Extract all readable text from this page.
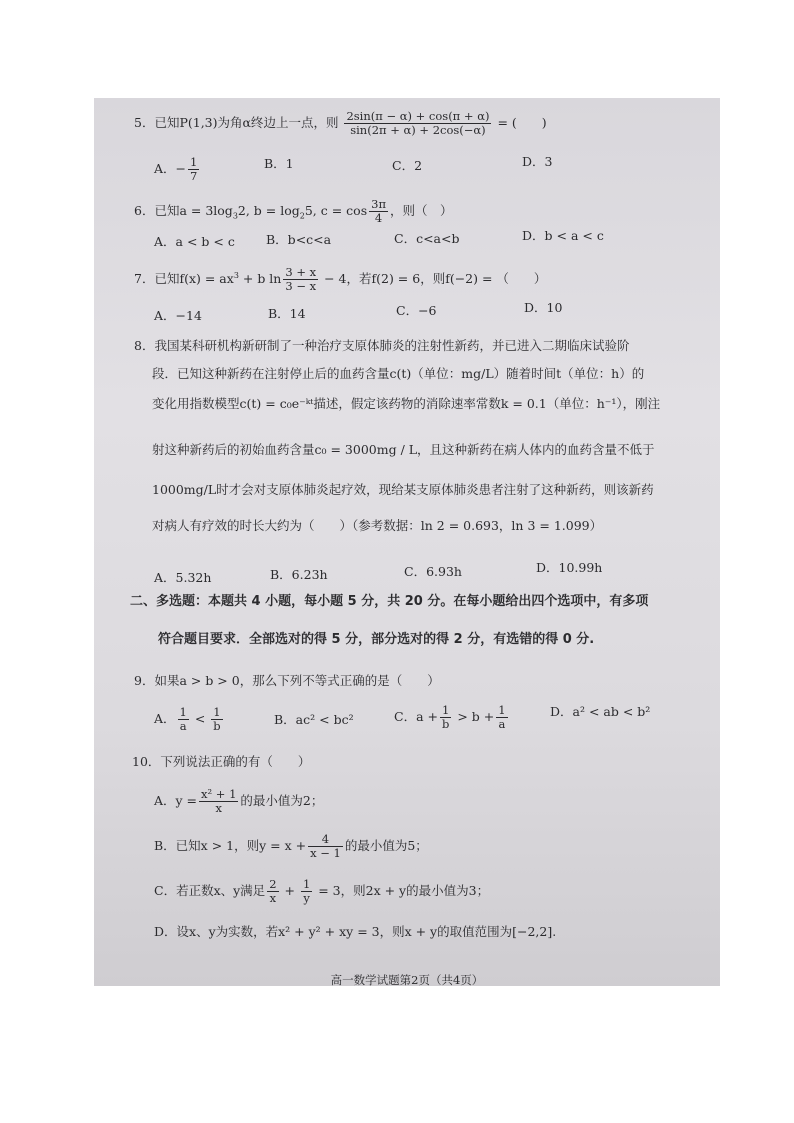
5．已知P(1,3)为角α终边上一点，则 $\frac{2\sin(\pi - \alpha) + \cos(\pi + \alpha)}{\sin(2\pi + \alpha) + 2\cos(-\alpha)}$ = (　　)
A．− $\frac{1}{7}$	B．1	C．2	D．3
6．已知$a = 3\log_32$, $b = \log_25$, $c = \cos \frac{3\pi}{4}$ ，则（　）
A．a < b < c B．b<c<a	C．c<a<b	D．b < a < c
7．已知$f(x) = ax^3 + b$ $\ln \frac{3 + x}{3 - x} - 4$，若f(2) = 6，则f(−2) = （　　）
A．−14	B．14	C．−6	D．10
8．我国某科研机构新研制了一种治疗支原体肺炎的注射性新药，并已进入二期临床试验阶
段．已知这种新药在注射停止后的血药含量c(t)（单位：mg/L）随着时间t（单位：h）的
变化用指数模型c(t) = c₀e⁻ᵏᵗ描述，假定该药物的消除速率常数k = 0.1（单位：h⁻¹），刚注
射这种新药后的初始血药含量c₀ = 3000mg / L，且这种新药在病人体内的血药含量不低于
1000mg/L时才会对支原体肺炎起疗效，现给某支原体肺炎患者注射了这种新药，则该新药
对病人有疗效的时长大约为（　　）（参考数据：ln 2 = 0.693，ln 3 = 1.099）
A．5.32h	B．6.23h	C．6.93h	D．10.99h
二、多选题：本题共 4 小题，每小题 5 分，共 20 分。在每小题给出四个选项中，有多项
符合题目要求．全部选对的得 5 分，部分选对的得 2 分，有选错的得 0 分.
9．如果a > b > 0，那么下列不等式正确的是（　　）
A． $\frac{1}{a} < \frac{1}{b}$	B．ac² < bc²	C．$a + \frac{1}{b} > b + \frac{1}{a}$	D．a² < ab < b²
10．下列说法正确的有（　　）
A．$y = \frac{\text{x² + 1}}{x}$ 的最小值为2；
B．已知x > 1，则$y = x + \frac{4}{x - 1}$ 的最小值为5；
C．若正数x、y满足 $\frac{2}{x} + \frac{1}{y} = 3$，则2x + y的最小值为3；
D．设x、y为实数，若x² + y² + xy = 3，则x + y的取值范围为[−2,2].
高一数学试题第2页（共4页）
